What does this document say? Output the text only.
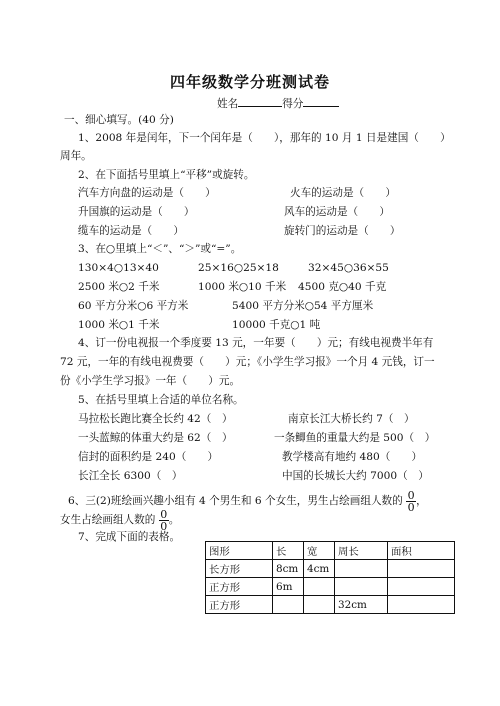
四年级数学分班测试卷
姓名	得分
一、细心填写。(40 分)
1、2008 年是闰年，下一个闰年是（　　），那年的 10 月 1 日是建国（　　）
周年。
2、在下面括号里填上“平移”或旋转。
汽车方向盘的运动是（　　）	火车的运动是（　　）
升国旗的运动是（　　）	风车的运动是（　　）
缆车的运动是（　　）	旋转门的运动是（　　）
3、在○里填上“＜”、“＞”或“=”。
130×4○13×40	25×16○25×18	32×45○36×55
2500 米○2 千米	1000 米○10 千米 4500 克○40 千克
60 平方分米○6 平方米	5400 平方分米○54 平方厘米
1000 米○1 千米	10000 千克○1 吨
4、订一份电视报一个季度要 13 元，一年要（　　）元；有线电视费半年有
72 元，一年的有线电视费要（　　）元；《小学生学习报》一个月 4 元钱，订一
份《小学生学习报》一年（　　）元。
5、在括号里填上合适的单位名称。
马拉松长跑比赛全长约 42（　）	南京长江大桥长约 7（　）
一头蓝鲸的体重大约是 62（　）	一条鲫鱼的重量大约是 500（　）
信封的面积约是 240（　　）	教学楼高有地约 480（　　）
长江全长 6300（　）	中国的长城长大约 7000（　）
6、三(2)班绘画兴趣小组有 4 个男生和 6 个女生，男生占绘画组人数的 $\frac{0}{0}$ ，
女生占绘画组人数的 $\frac{0}{0}$ 。
7、完成下面的表格。
图形	长	宽	周长	面积
长方形	8cm	4cm		
正方形	6m			
正方形			32cm	
